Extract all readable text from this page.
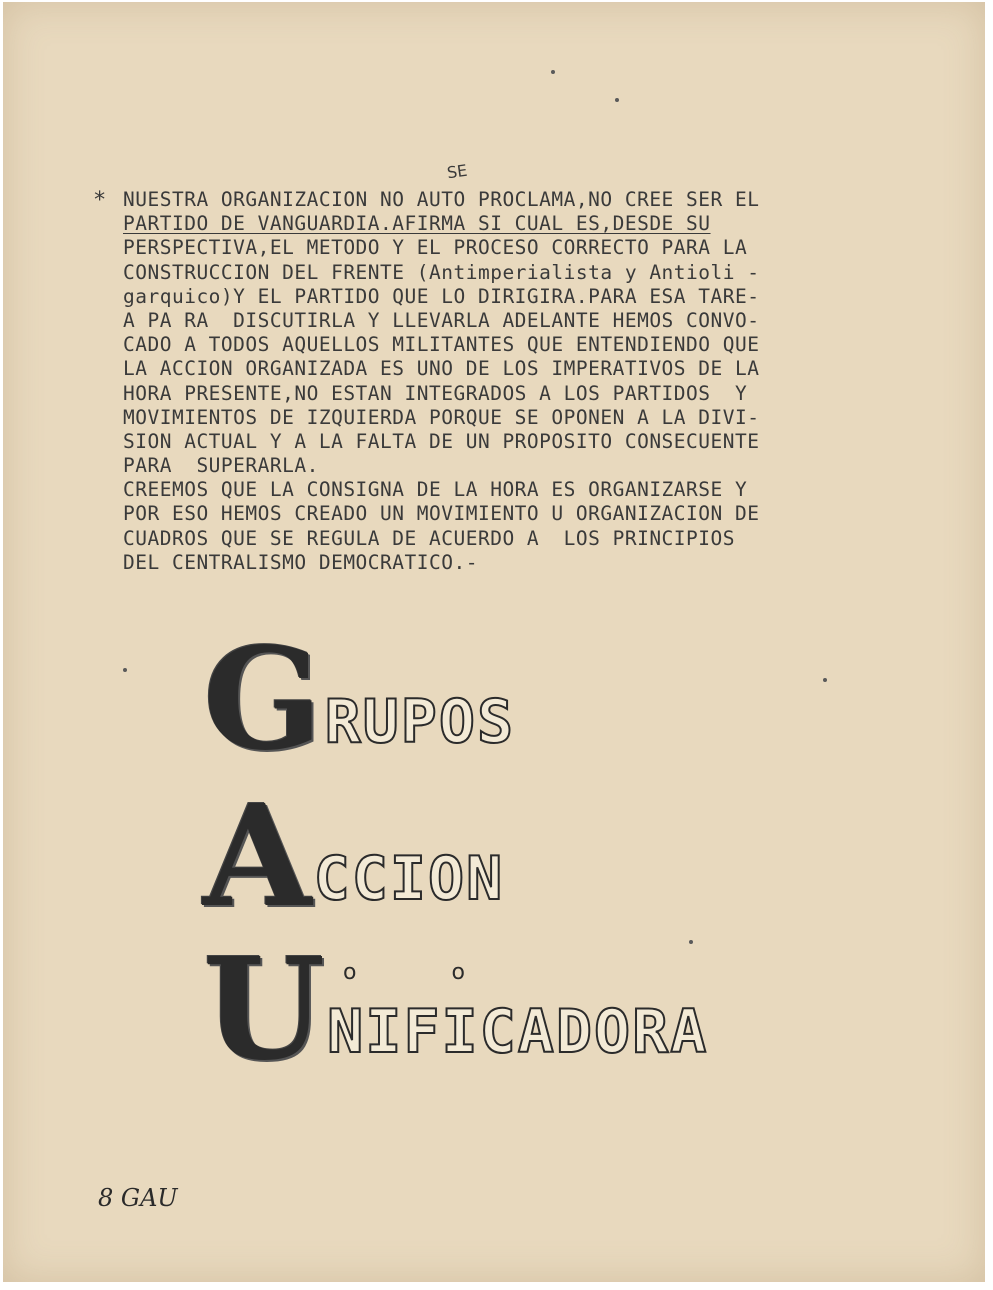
SE
* NUESTRA ORGANIZACION NO AUTO PROCLAMA,NO CREE SER EL
PARTIDO DE VANGUARDIA.AFIRMA SI CUAL ES,DESDE SU
PERSPECTIVA,EL METODO Y EL PROCESO CORRECTO PARA LA
CONSTRUCCION DEL FRENTE (Antimperialista y Antioli -
garquico)Y EL PARTIDO QUE LO DIRIGIRA.PARA ESA TARE-
A PA RA  DISCUTIRLA Y LLEVARLA ADELANTE HEMOS CONVO-
CADO A TODOS AQUELLOS MILITANTES QUE ENTENDIENDO QUE
LA ACCION ORGANIZADA ES UNO DE LOS IMPERATIVOS DE LA
HORA PRESENTE,NO ESTAN INTEGRADOS A LOS PARTIDOS  Y
MOVIMIENTOS DE IZQUIERDA PORQUE SE OPONEN A LA DIVI-
SION ACTUAL Y A LA FALTA DE UN PROPOSITO CONSECUENTE
PARA  SUPERARLA.
CREEMOS QUE LA CONSIGNA DE LA HORA ES ORGANIZARSE Y
POR ESO HEMOS CREADO UN MOVIMIENTO U ORGANIZACION DE
CUADROS QUE SE REGULA DE ACUERDO A  LOS PRINCIPIOS
DEL CENTRALISMO DEMOCRATICO.-
G RUPOS
A CCION
o o
U NIFICADORA
8 GAU
